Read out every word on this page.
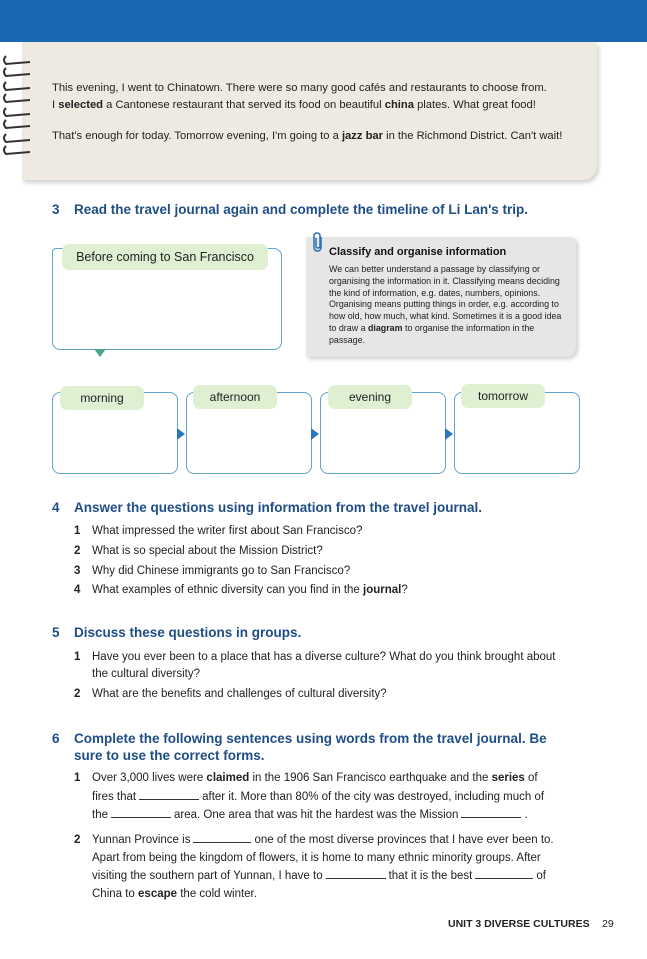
This evening, I went to Chinatown. There were so many good cafés and restaurants to choose from.
I selected a Cantonese restaurant that served its food on beautiful china plates. What great food!
That's enough for today. Tomorrow evening, I'm going to a jazz bar in the Richmond District. Can't wait!
3 Read the travel journal again and complete the timeline of Li Lan's trip.
Before coming to San Francisco	Classify and organise information
We can better understand a passage by classifying or organising the information in it. Classifying means deciding the kind of information, e.g. dates, numbers, opinions. Organising means putting things in order, e.g. according to how old, how much, what kind. Sometimes it is a good idea to draw a diagram to organise the information in the passage.
morning	afternoon	evening	tomorrow
4 Answer the questions using information from the travel journal.
1 What impressed the writer first about San Francisco?
2 What is so special about the Mission District?
3 Why did Chinese immigrants go to San Francisco?
4 What examples of ethnic diversity can you find in the journal?
5 Discuss these questions in groups.
1 Have you ever been to a place that has a diverse culture? What do you think brought about
the cultural diversity?
2 What are the benefits and challenges of cultural diversity?
6 Complete the following sentences using words from the travel journal. Be
sure to use the correct forms.
1 Over 3,000 lives were claimed in the 1906 San Francisco earthquake and the series of
fires that	after it. More than 80% of the city was destroyed, including much of
the	area. One area that was hit the hardest was the Mission	.
2 Yunnan Province is	one of the most diverse provinces that I have ever been to.
Apart from being the kingdom of flowers, it is home to many ethnic minority groups. After
visiting the southern part of Yunnan, I have to	that it is the best	of
China to escape the cold winter.
UNIT 3 DIVERSE CULTURES 29
